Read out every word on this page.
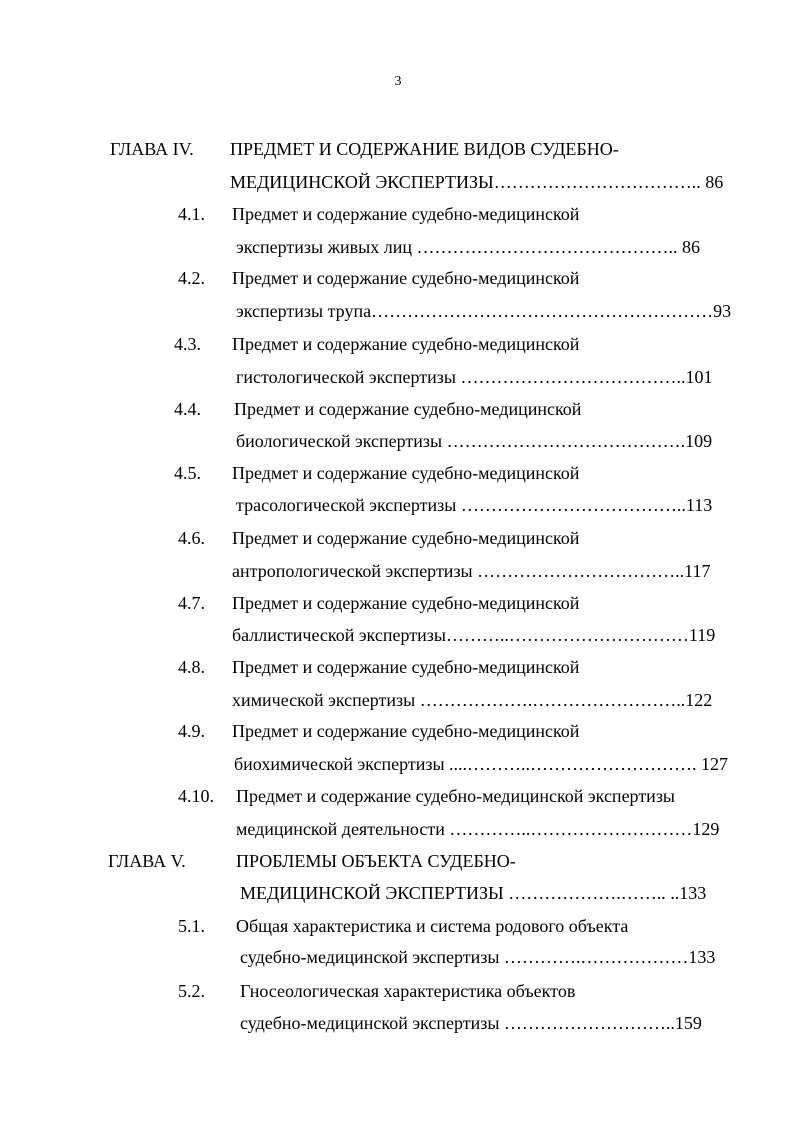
3
ГЛАВА IV. ПРЕДМЕТ И СОДЕРЖАНИЕ ВИДОВ СУДЕБНО-
МЕДИЦИНСКОЙ ЭКСПЕРТИЗЫ…………………………….. 86
4.1. Предмет и содержание судебно-медицинской
экспертизы живых лиц …………………………………….. 86
4.2. Предмет и содержание судебно-медицинской
экспертизы трупа…………………………………………………93
4.3. Предмет и содержание судебно-медицинской
гистологической экспертизы ………………………………..101
4.4. Предмет и содержание судебно-медицинской
биологической экспертизы ………………………………….109
4.5. Предмет и содержание судебно-медицинской
трасологической экспертизы ………………………………..113
4.6. Предмет и содержание судебно-медицинской
антропологической экспертизы ……………………………..117
4.7. Предмет и содержание судебно-медицинской
баллистической экспертизы………..…………………………119
4.8. Предмет и содержание судебно-медицинской
химической экспертизы ……………….……………………..122
4.9. Предмет и содержание судебно-медицинской
биохимической экспертизы ....………..………………………. 127
4.10. Предмет и содержание судебно-медицинской экспертизы
медицинской деятельности …………..………………………129
ГЛАВА V.	ПРОБЛЕМЫ ОБЪЕКТА СУДЕБНО-
МЕДИЦИНСКОЙ ЭКСПЕРТИЗЫ ……………….…….. ..133
5.1. Общая характеристика и система родового объекта
судебно-медицинской экспертизы ………….………………133
5.2. Гносеологическая характеристика объектов
судебно-медицинской экспертизы ………………………..159
